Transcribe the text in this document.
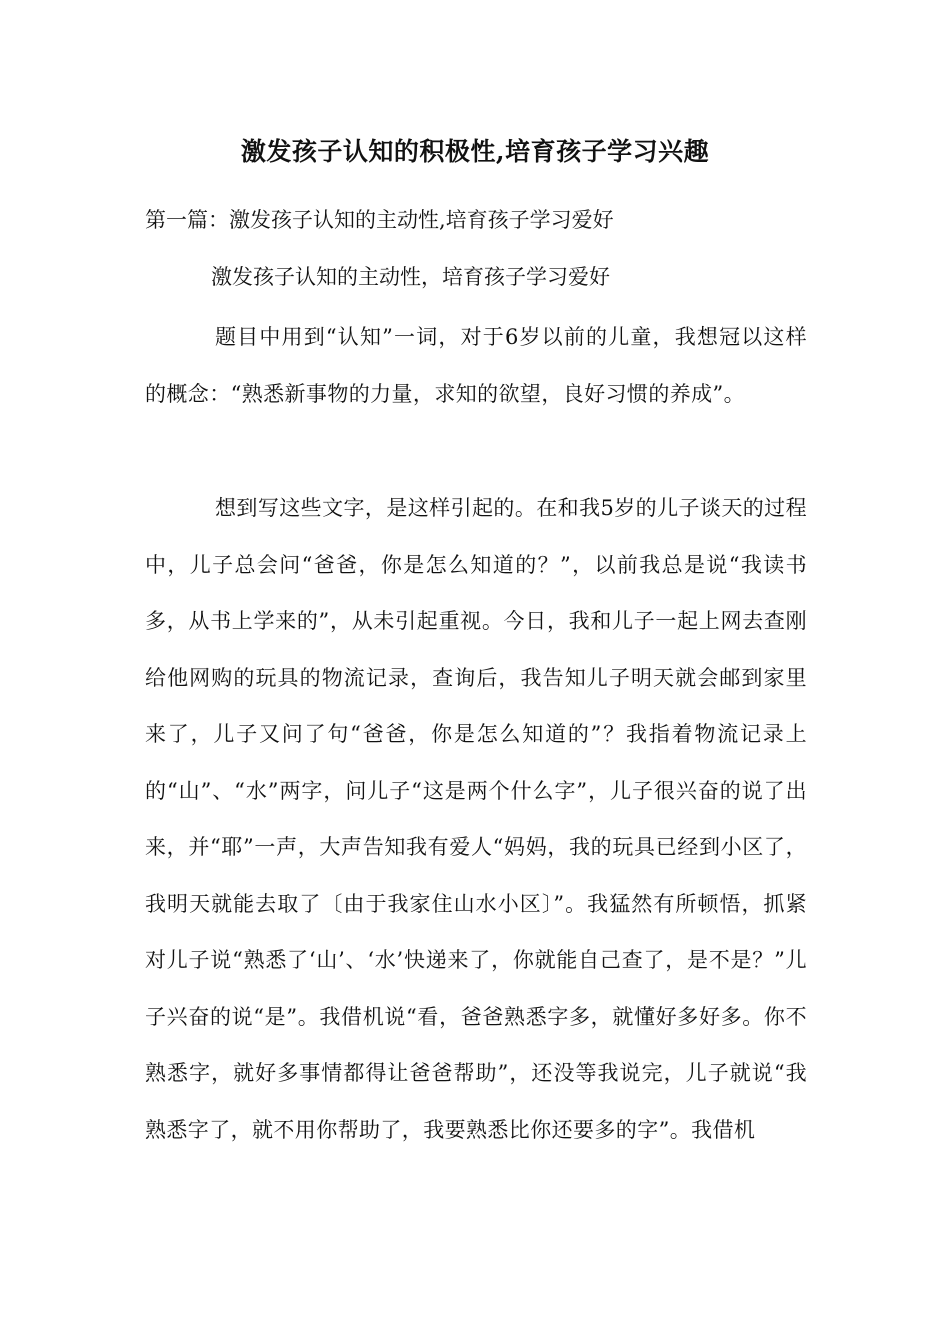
激发孩子认知的积极性,培育孩子学习兴趣

第一篇：激发孩子认知的主动性,培育孩子学习爱好

激发孩子认知的主动性，培育孩子学习爱好

题目中用到“认知”一词，对于6岁以前的儿童，我想冠以这样的概念：“熟悉新事物的力量，求知的欲望，良好习惯的养成”。

想到写这些文字，是这样引起的。在和我5岁的儿子谈天的过程中，儿子总会问“爸爸，你是怎么知道的？”，以前我总是说“我读书多，从书上学来的”，从未引起重视。今日，我和儿子一起上网去查刚给他网购的玩具的物流记录，查询后，我告知儿子明天就会邮到家里来了，儿子又问了句“爸爸，你是怎么知道的”？我指着物流记录上的“山”、“水”两字，问儿子“这是两个什么字”，儿子很兴奋的说了出来，并“耶”一声，大声告知我有爱人“妈妈，我的玩具已经到小区了，我明天就能去取了〔由于我家住山水小区〕”。我猛然有所顿悟，抓紧对儿子说“熟悉了‘山’、‘水’快递来了，你就能自己查了，是不是？”儿子兴奋的说“是”。我借机说“看，爸爸熟悉字多，就懂好多好多。你不熟悉字，就好多事情都得让爸爸帮助”，还没等我说完，儿子就说“我熟悉字了，就不用你帮助了，我要熟悉比你还要多的字”。我借机
